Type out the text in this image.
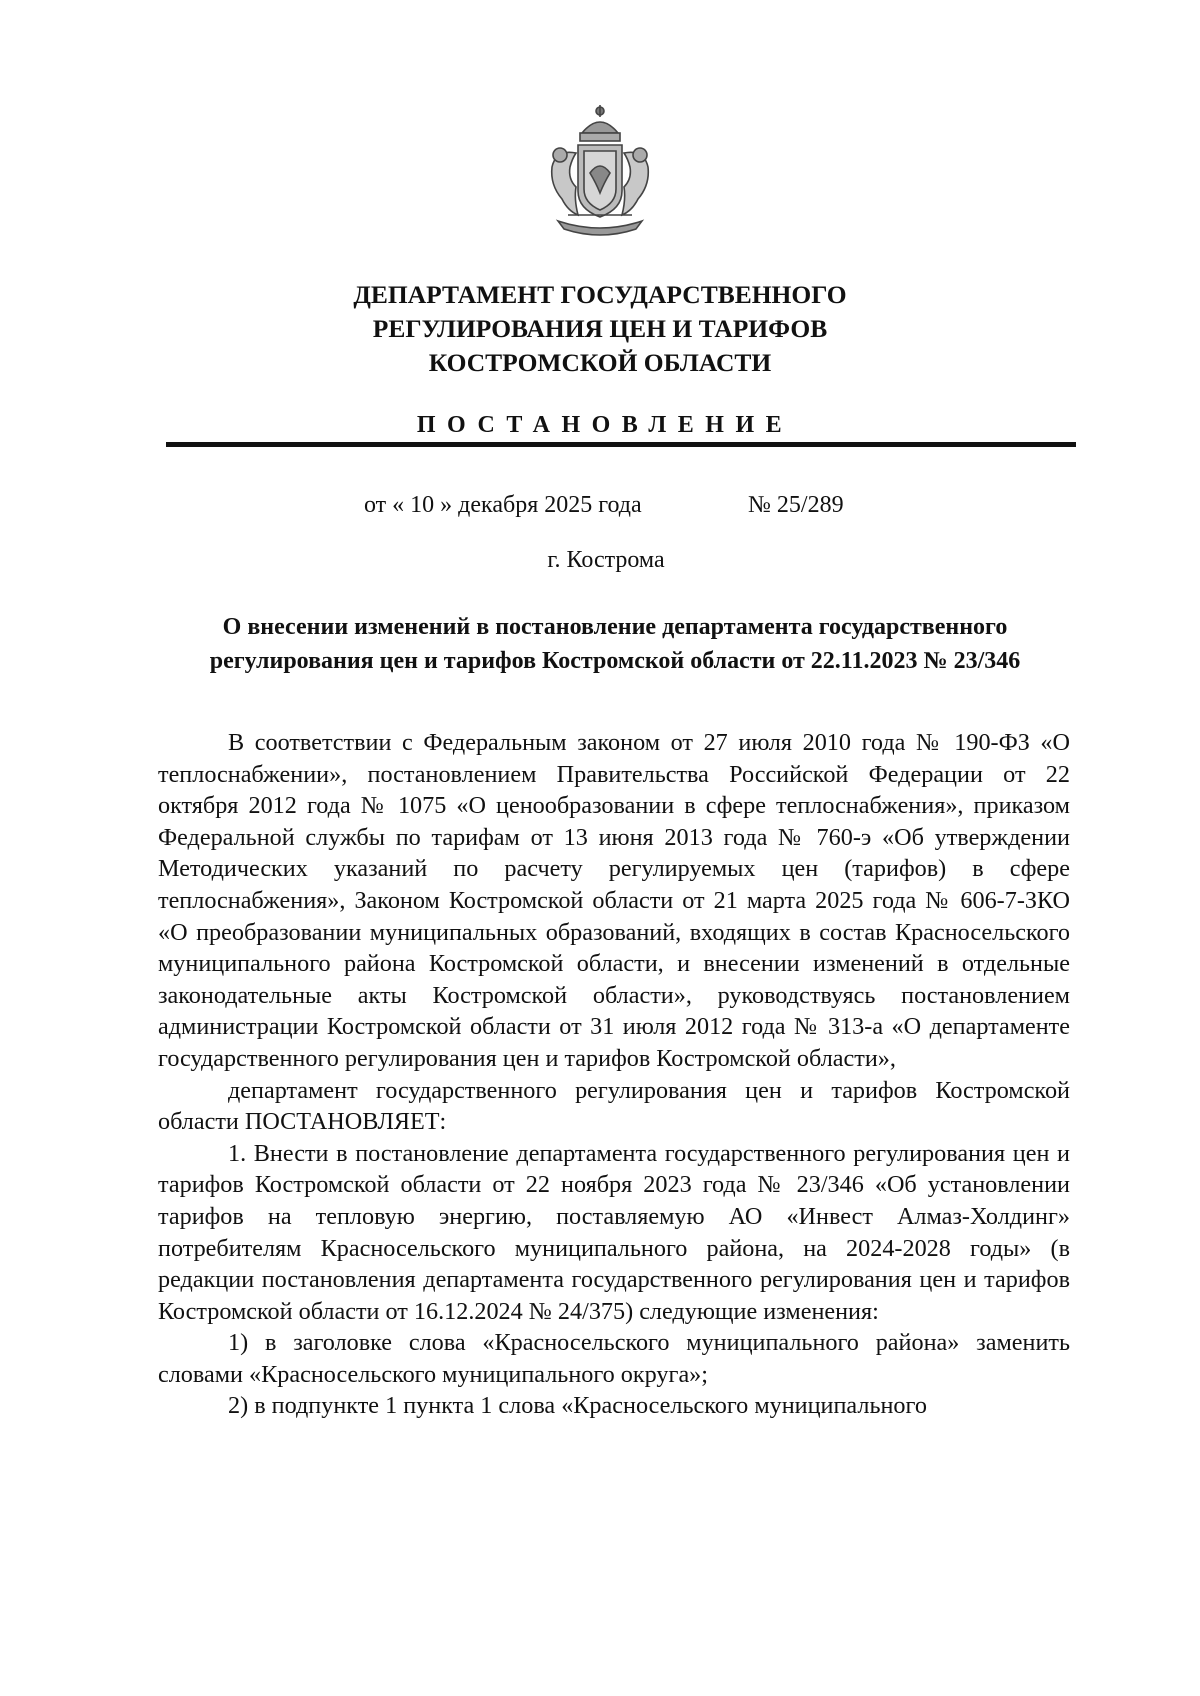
ДЕПАРТАМЕНТ ГОСУДАРСТВЕННОГО
РЕГУЛИРОВАНИЯ ЦЕН И ТАРИФОВ
КОСТРОМСКОЙ ОБЛАСТИ
ПОСТАНОВЛЕНИЕ
от « 10 » декабря 2025 года	№ 25/289
г. Кострома
О внесении изменений в постановление департамента государственного
регулирования цен и тарифов Костромской области от 22.11.2023 № 23/346

В соответствии с Федеральным законом от 27 июля 2010 года № 190-ФЗ «О теплоснабжении», постановлением Правительства Российской Федерации от 22 октября 2012 года № 1075 «О ценообразовании в сфере теплоснабжения», приказом Федеральной службы по тарифам от 13 июня 2013 года № 760-э «Об утверждении Методических указаний по расчету регулируемых цен (тарифов) в сфере теплоснабжения», Законом Костромской области от 21 марта 2025 года № 606-7-ЗКО «О преобразовании муниципальных образований, входящих в состав Красносельского муниципального района Костромской области, и внесении изменений в отдельные законодательные акты Костромской области», руководствуясь постановлением администрации Костромской области от 31 июля 2012 года № 313-а «О департаменте государственного регулирования цен и тарифов Костромской области»,

департамент государственного регулирования цен и тарифов Костромской области ПОСТАНОВЛЯЕТ:

1. Внести в постановление департамента государственного регулирования цен и тарифов Костромской области от 22 ноября 2023 года № 23/346 «Об установлении тарифов на тепловую энергию, поставляемую АО «Инвест Алмаз-Холдинг» потребителям Красносельского муниципального района, на 2024-2028 годы» (в редакции постановления департамента государственного регулирования цен и тарифов Костромской области от 16.12.2024 № 24/375) следующие изменения:

1) в заголовке слова «Красносельского муниципального района» заменить словами «Красносельского муниципального округа»;

2) в подпункте 1 пункта 1 слова «Красносельского муниципального
